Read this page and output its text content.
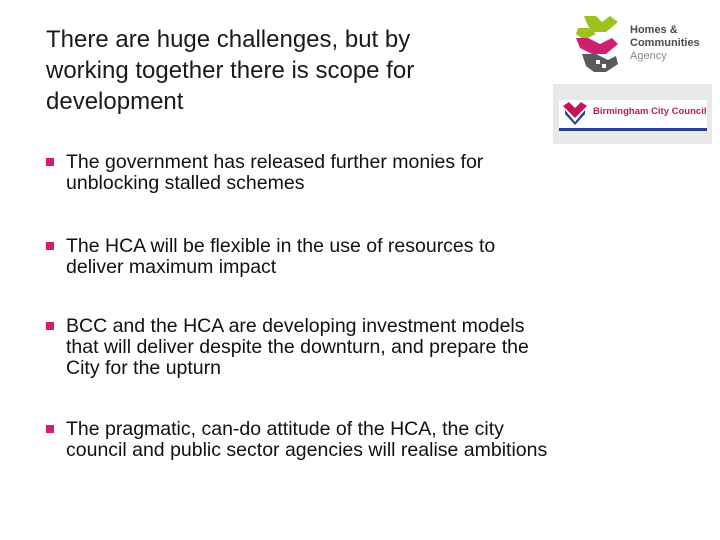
There are huge challenges, but by
working together there is scope for
development
Homes &
Communities
Agency
Birmingham City Council
The government has released further monies for
unblocking stalled schemes
The HCA will be flexible in the use of resources to
deliver maximum impact
BCC and the HCA are developing investment models
that will deliver despite the downturn, and prepare the
City for the upturn
The pragmatic, can-do attitude of the HCA, the city
council and public sector agencies will realise ambitions
